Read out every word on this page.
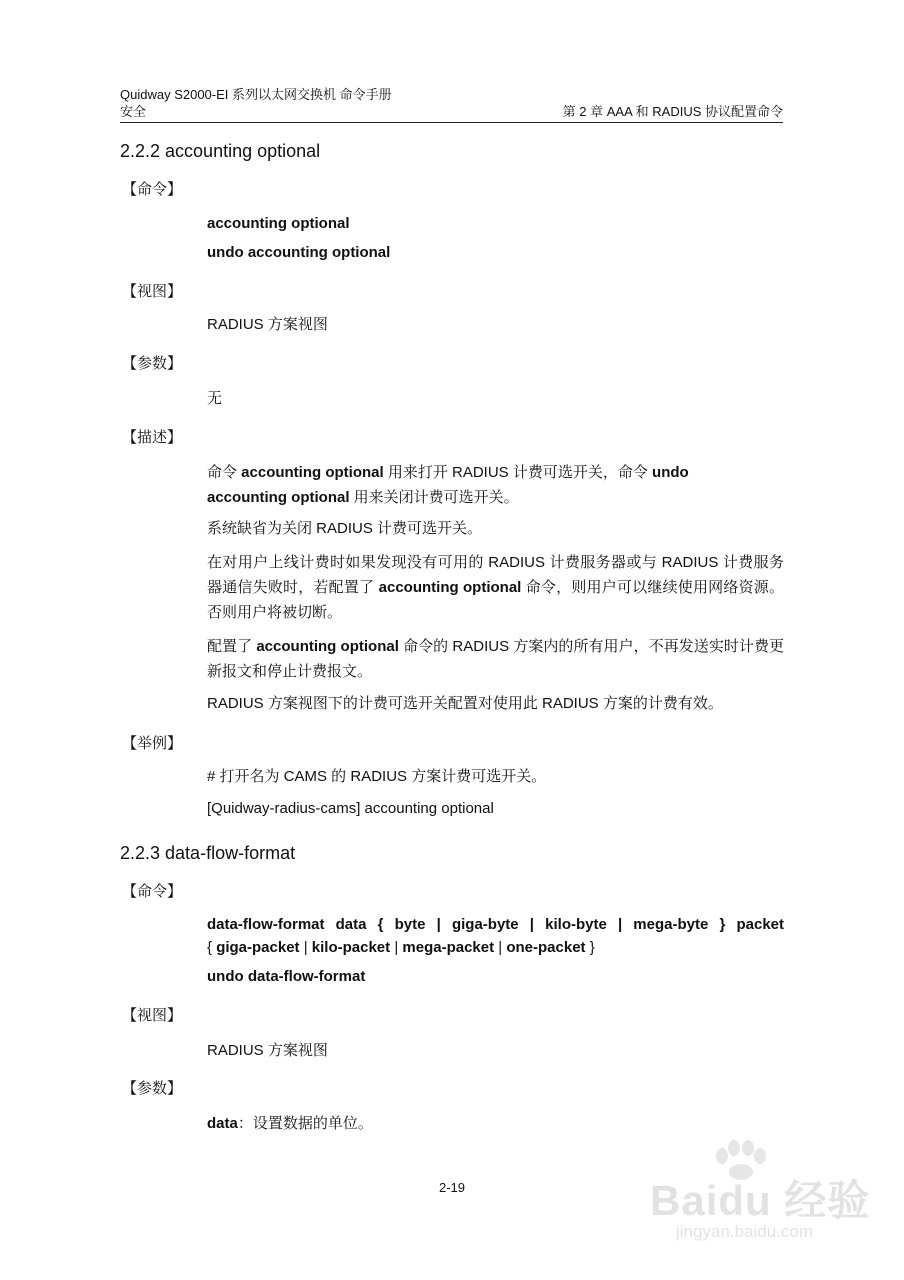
Quidway S2000-EI 系列以太网交换机 命令手册
安全	第 2 章 AAA 和 RADIUS 协议配置命令
2.2.2 accounting optional
【命令】
accounting optional
undo accounting optional
【视图】
RADIUS 方案视图
【参数】
无
【描述】
命令 accounting optional 用来打开 RADIUS 计费可选开关，命令 undo
accounting optional 用来关闭计费可选开关。
系统缺省为关闭 RADIUS 计费可选开关。
在对用户上线计费时如果发现没有可用的 RADIUS 计费服务器或与 RADIUS 计费服务器通信失败时，若配置了 accounting optional 命令，则用户可以继续使用网络资源。否则用户将被切断。
配置了 accounting optional 命令的 RADIUS 方案内的所有用户，不再发送实时计费更新报文和停止计费报文。
RADIUS 方案视图下的计费可选开关配置对使用此 RADIUS 方案的计费有效。
【举例】
# 打开名为 CAMS 的 RADIUS 方案计费可选开关。
[Quidway-radius-cams] accounting optional
2.2.3 data-flow-format
【命令】
data-flow-format data { byte | giga-byte | kilo-byte | mega-byte } packet
{ giga-packet | kilo-packet | mega-packet | one-packet }
undo data-flow-format
【视图】
RADIUS 方案视图
【参数】
data：设置数据的单位。
2-19	Baidu 经验
jingyan.baidu.com
